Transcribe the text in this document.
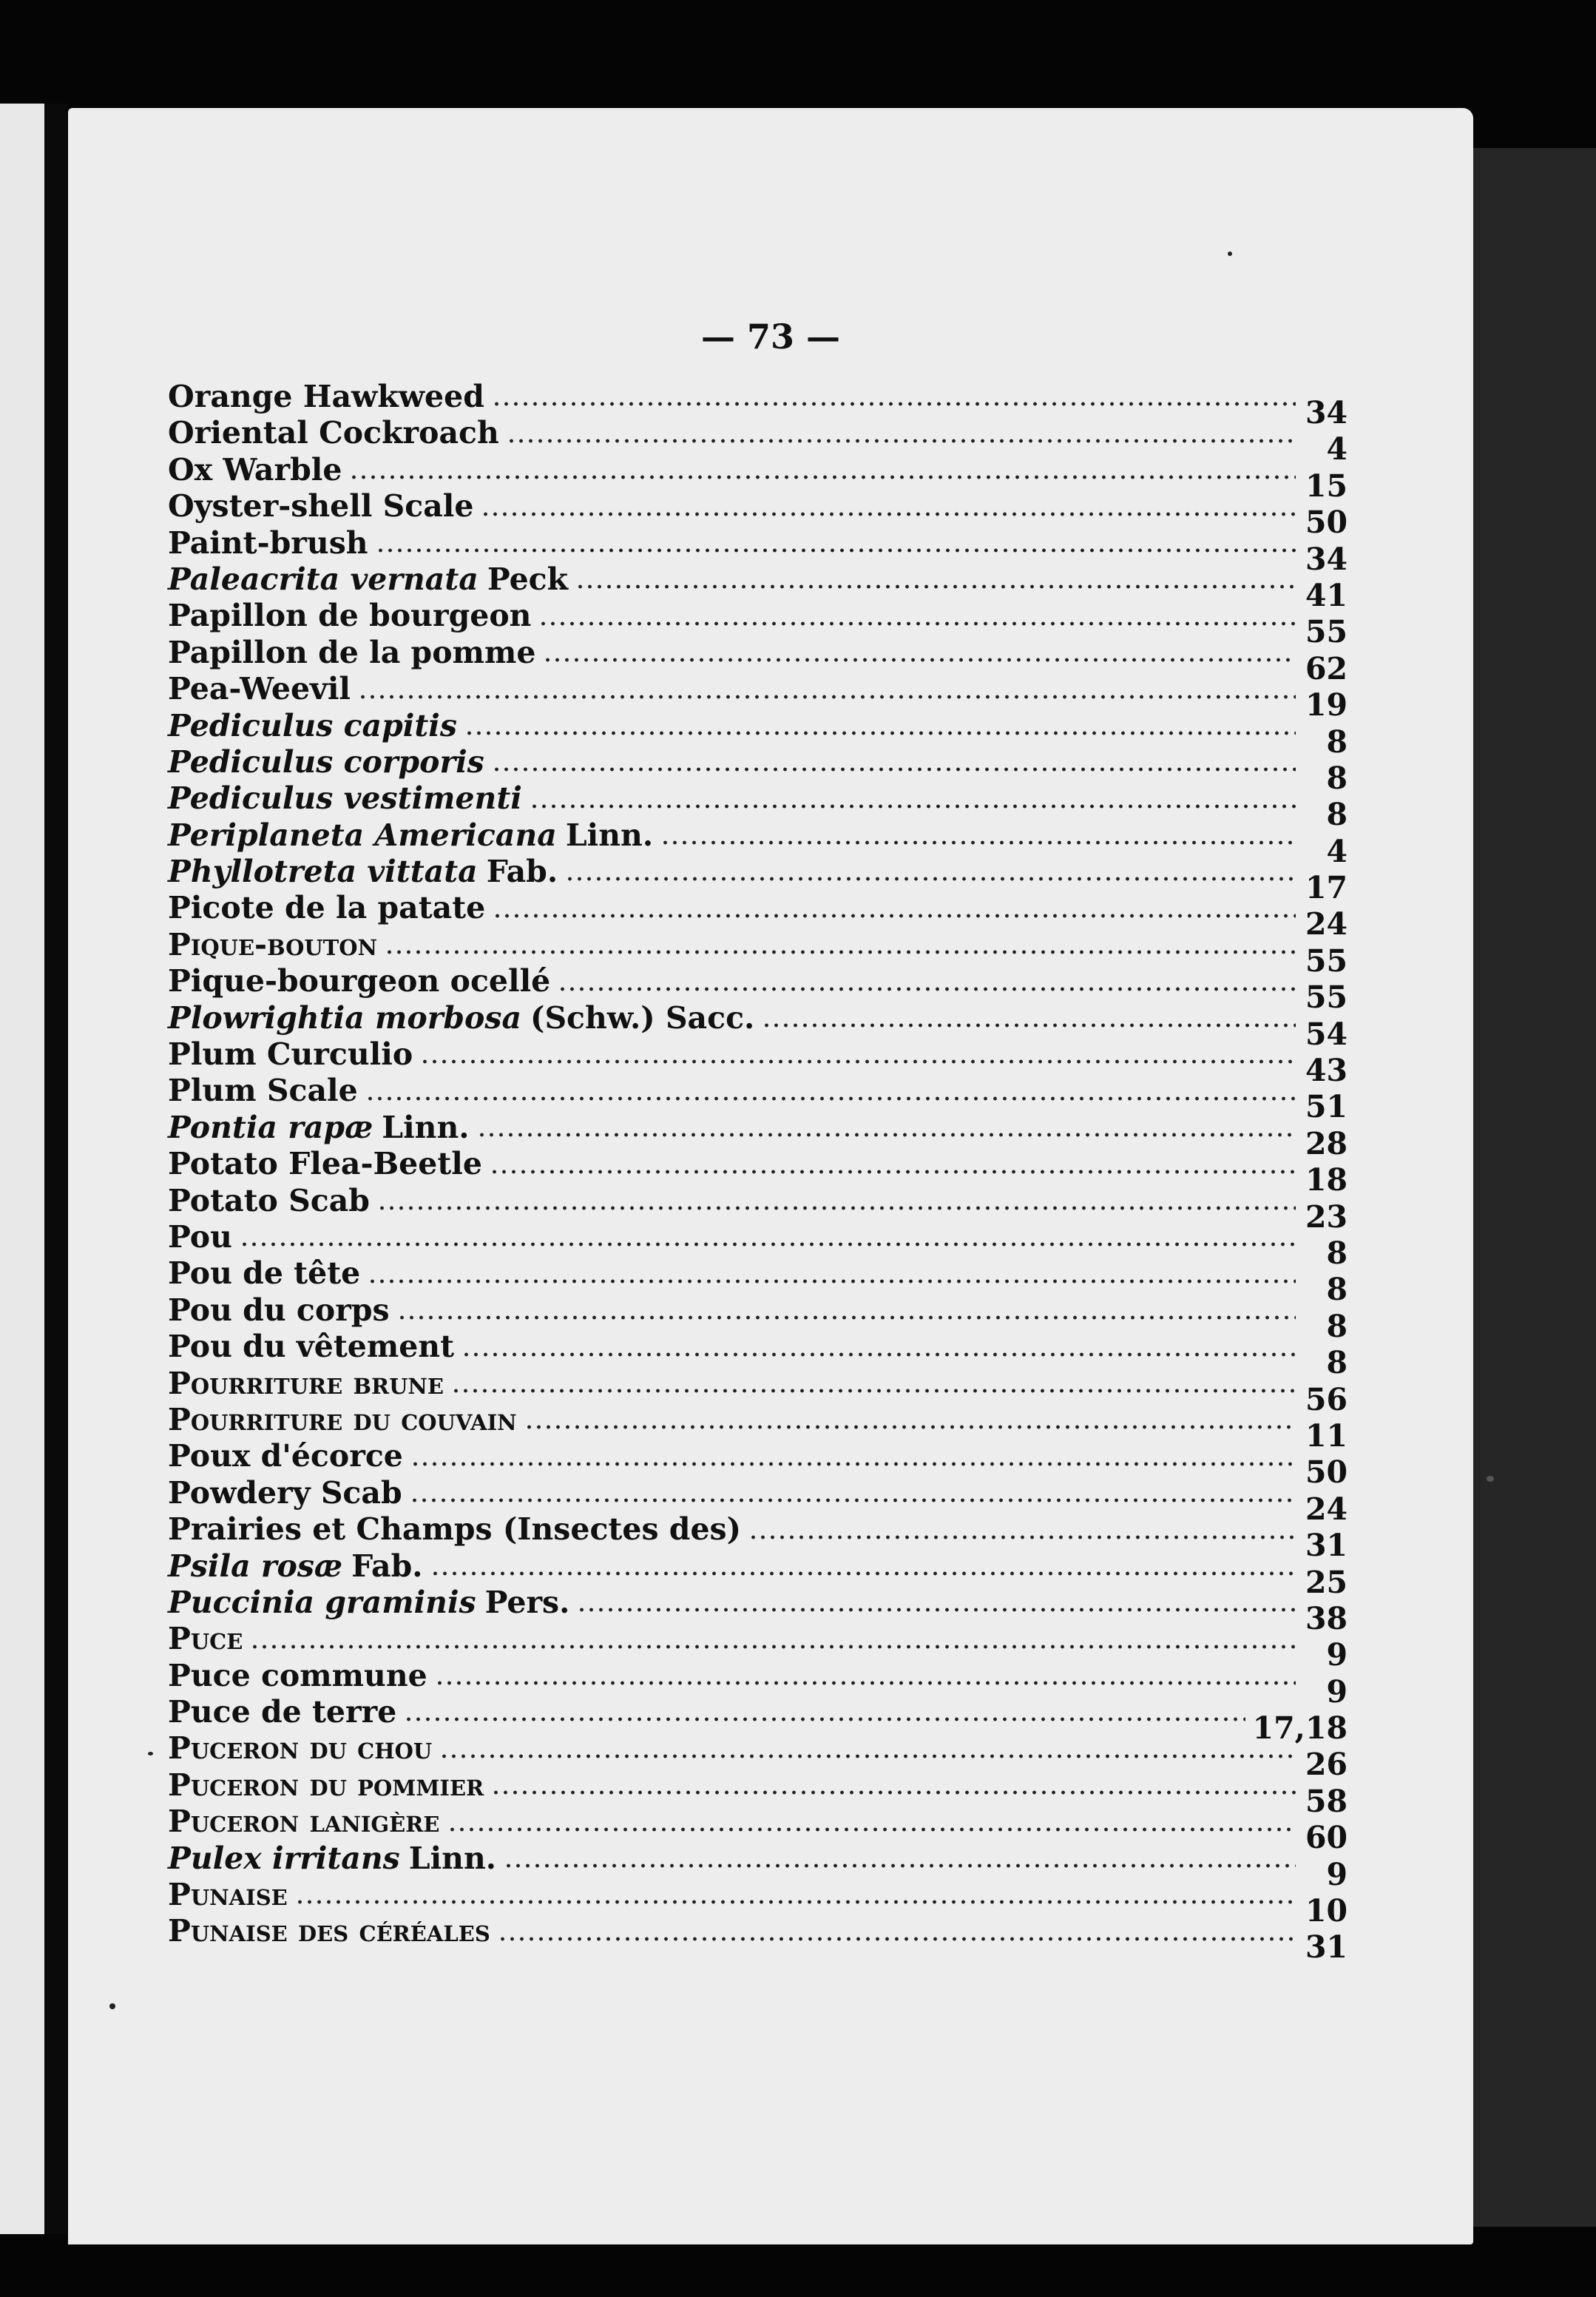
— 73 —
Orange Hawkweed	34
Oriental Cockroach	4
Ox Warble	15
Oyster-shell Scale	50
Paint-brush	34
Paleacrita vernata Peck	41
Papillon de bourgeon	55
Papillon de la pomme	62
Pea-Weevil	19
Pediculus capitis	8
Pediculus corporis	8
Pediculus vestimenti	8
Periplaneta Americana Linn.	4
Phyllotreta vittata Fab.	17
Picote de la patate	24
Pique-bouton	55
Pique-bourgeon ocellé	55
Plowrightia morbosa (Schw.) Sacc.	54
Plum Curculio	43
Plum Scale	51
Pontia rapæ Linn.	28
Potato Flea-Beetle	18
Potato Scab	23
Pou	8
Pou de tête	8
Pou du corps	8
Pou du vêtement	8
Pourriture brune	56
Pourriture du couvain	11
Poux d'écorce	50
Powdery Scab	24
Prairies et Champs (Insectes des)	31
Psila rosæ Fab.	25
Puccinia graminis Pers.	38
Puce	9
Puce commune	9
Puce de terre	17,18
Puceron du chou	26
Puceron du pommier	58
Puceron lanigère	60
Pulex irritans Linn.	9
Punaise	10
Punaise des céréales	31
